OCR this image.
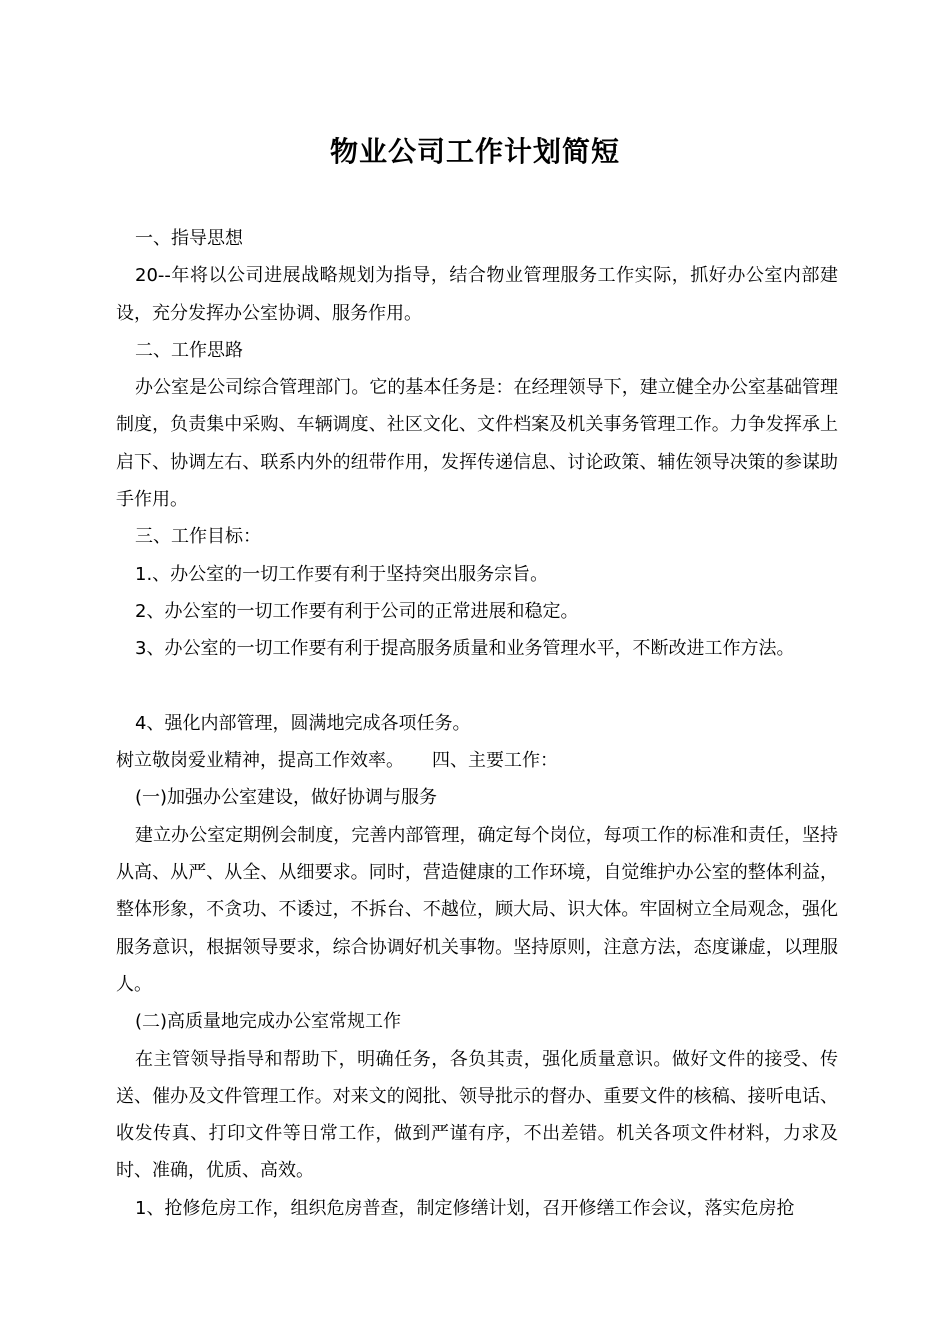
物业公司工作计划简短

一、指导思想

20--年将以公司进展战略规划为指导，结合物业管理服务工作实际，抓好办公室内部建设，充分发挥办公室协调、服务作用。

二、工作思路

办公室是公司综合管理部门。它的基本任务是：在经理领导下，建立健全办公室基础管理制度，负责集中采购、车辆调度、社区文化、文件档案及机关事务管理工作。力争发挥承上启下、协调左右、联系内外的纽带作用，发挥传递信息、讨论政策、辅佐领导决策的参谋助手作用。

三、工作目标：

1.、办公室的一切工作要有利于坚持突出服务宗旨。

2、办公室的一切工作要有利于公司的正常进展和稳定。

3、办公室的一切工作要有利于提高服务质量和业务管理水平，不断改进工作方法。

4、强化内部管理，圆满地完成各项任务。

树立敬岗爱业精神，提高工作效率。 四、主要工作：

(一)加强办公室建设，做好协调与服务

建立办公室定期例会制度，完善内部管理，确定每个岗位，每项工作的标准和责任，坚持从高、从严、从全、从细要求。同时，营造健康的工作环境，自觉维护办公室的整体利益，整体形象，不贪功、不诿过，不拆台、不越位，顾大局、识大体。牢固树立全局观念，强化服务意识，根据领导要求，综合协调好机关事物。坚持原则，注意方法，态度谦虚，以理服人。

(二)高质量地完成办公室常规工作

在主管领导指导和帮助下，明确任务，各负其责，强化质量意识。做好文件的接受、传送、催办及文件管理工作。对来文的阅批、领导批示的督办、重要文件的核稿、接听电话、收发传真、打印文件等日常工作，做到严谨有序，不出差错。机关各项文件材料，力求及时、准确，优质、高效。

1、抢修危房工作，组织危房普查，制定修缮计划，召开修缮工作会议，落实危房抢
